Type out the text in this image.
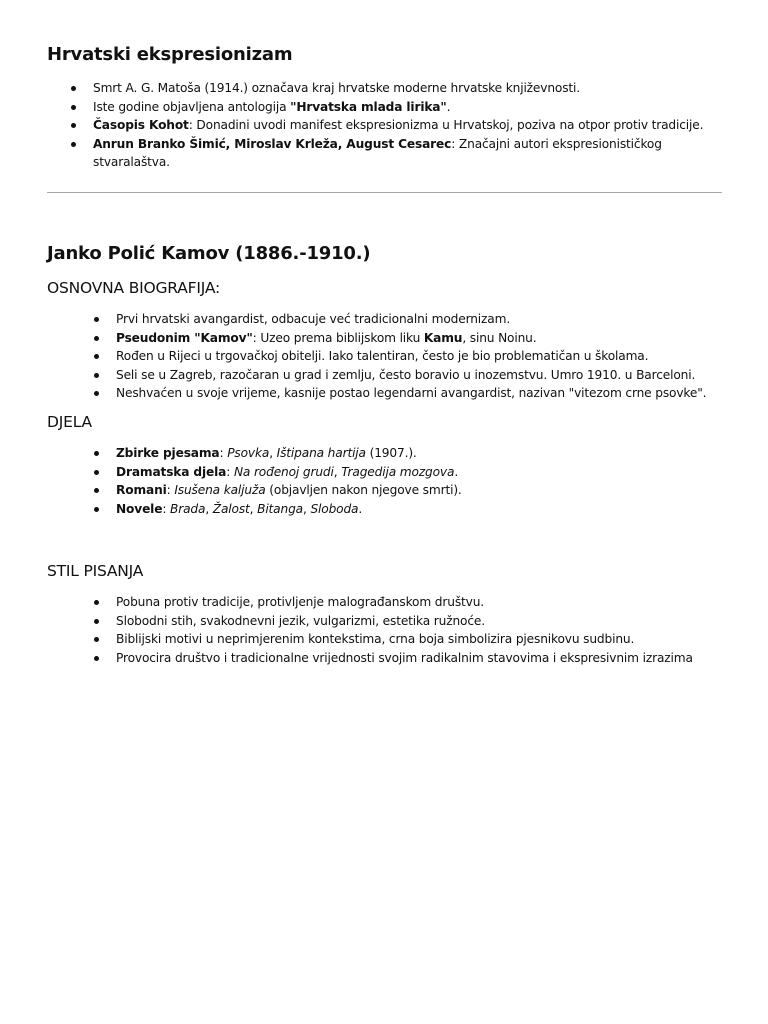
Hrvatski ekspresionizam
Smrt A. G. Matoša (1914.) označava kraj hrvatske moderne hrvatske književnosti.
Iste godine objavljena antologija "Hrvatska mlada lirika".
Časopis Kohot: Donadini uvodi manifest ekspresionizma u Hrvatskoj, poziva na otpor protiv tradicije.
Anrun Branko Šimić, Miroslav Krleža, August Cesarec: Značajni autori ekspresionističkog stvaralaštva.
Janko Polić Kamov (1886.-1910.)
OSNOVNA BIOGRAFIJA:
Prvi hrvatski avangardist, odbacuje već tradicionalni modernizam.
Pseudonim "Kamov": Uzeo prema biblijskom liku Kamu, sinu Noinu.
Rođen u Rijeci u trgovačkoj obitelji. Iako talentiran, često je bio problematičan u školama.
Seli se u Zagreb, razočaran u grad i zemlju, često boravio u inozemstvu. Umro 1910. u Barceloni.
Neshvaćen u svoje vrijeme, kasnije postao legendarni avangardist, nazivan "vitezom crne psovke".
DJELA
Zbirke pjesama: Psovka, Ištipana hartija (1907.).
Dramatska djela: Na rođenoj grudi, Tragedija mozgova.
Romani: Isušena kaljuža (objavljen nakon njegove smrti).
Novele: Brada, Žalost, Bitanga, Sloboda.
STIL PISANJA
Pobuna protiv tradicije, protivljenje malograđanskom društvu.
Slobodni stih, svakodnevni jezik, vulgarizmi, estetika ružnoće.
Biblijski motivi u neprimjerenim kontekstima, crna boja simbolizira pjesnikovu sudbinu.
Provocira društvo i tradicionalne vrijednosti svojim radikalnim stavovima i ekspresivnim izrazima
